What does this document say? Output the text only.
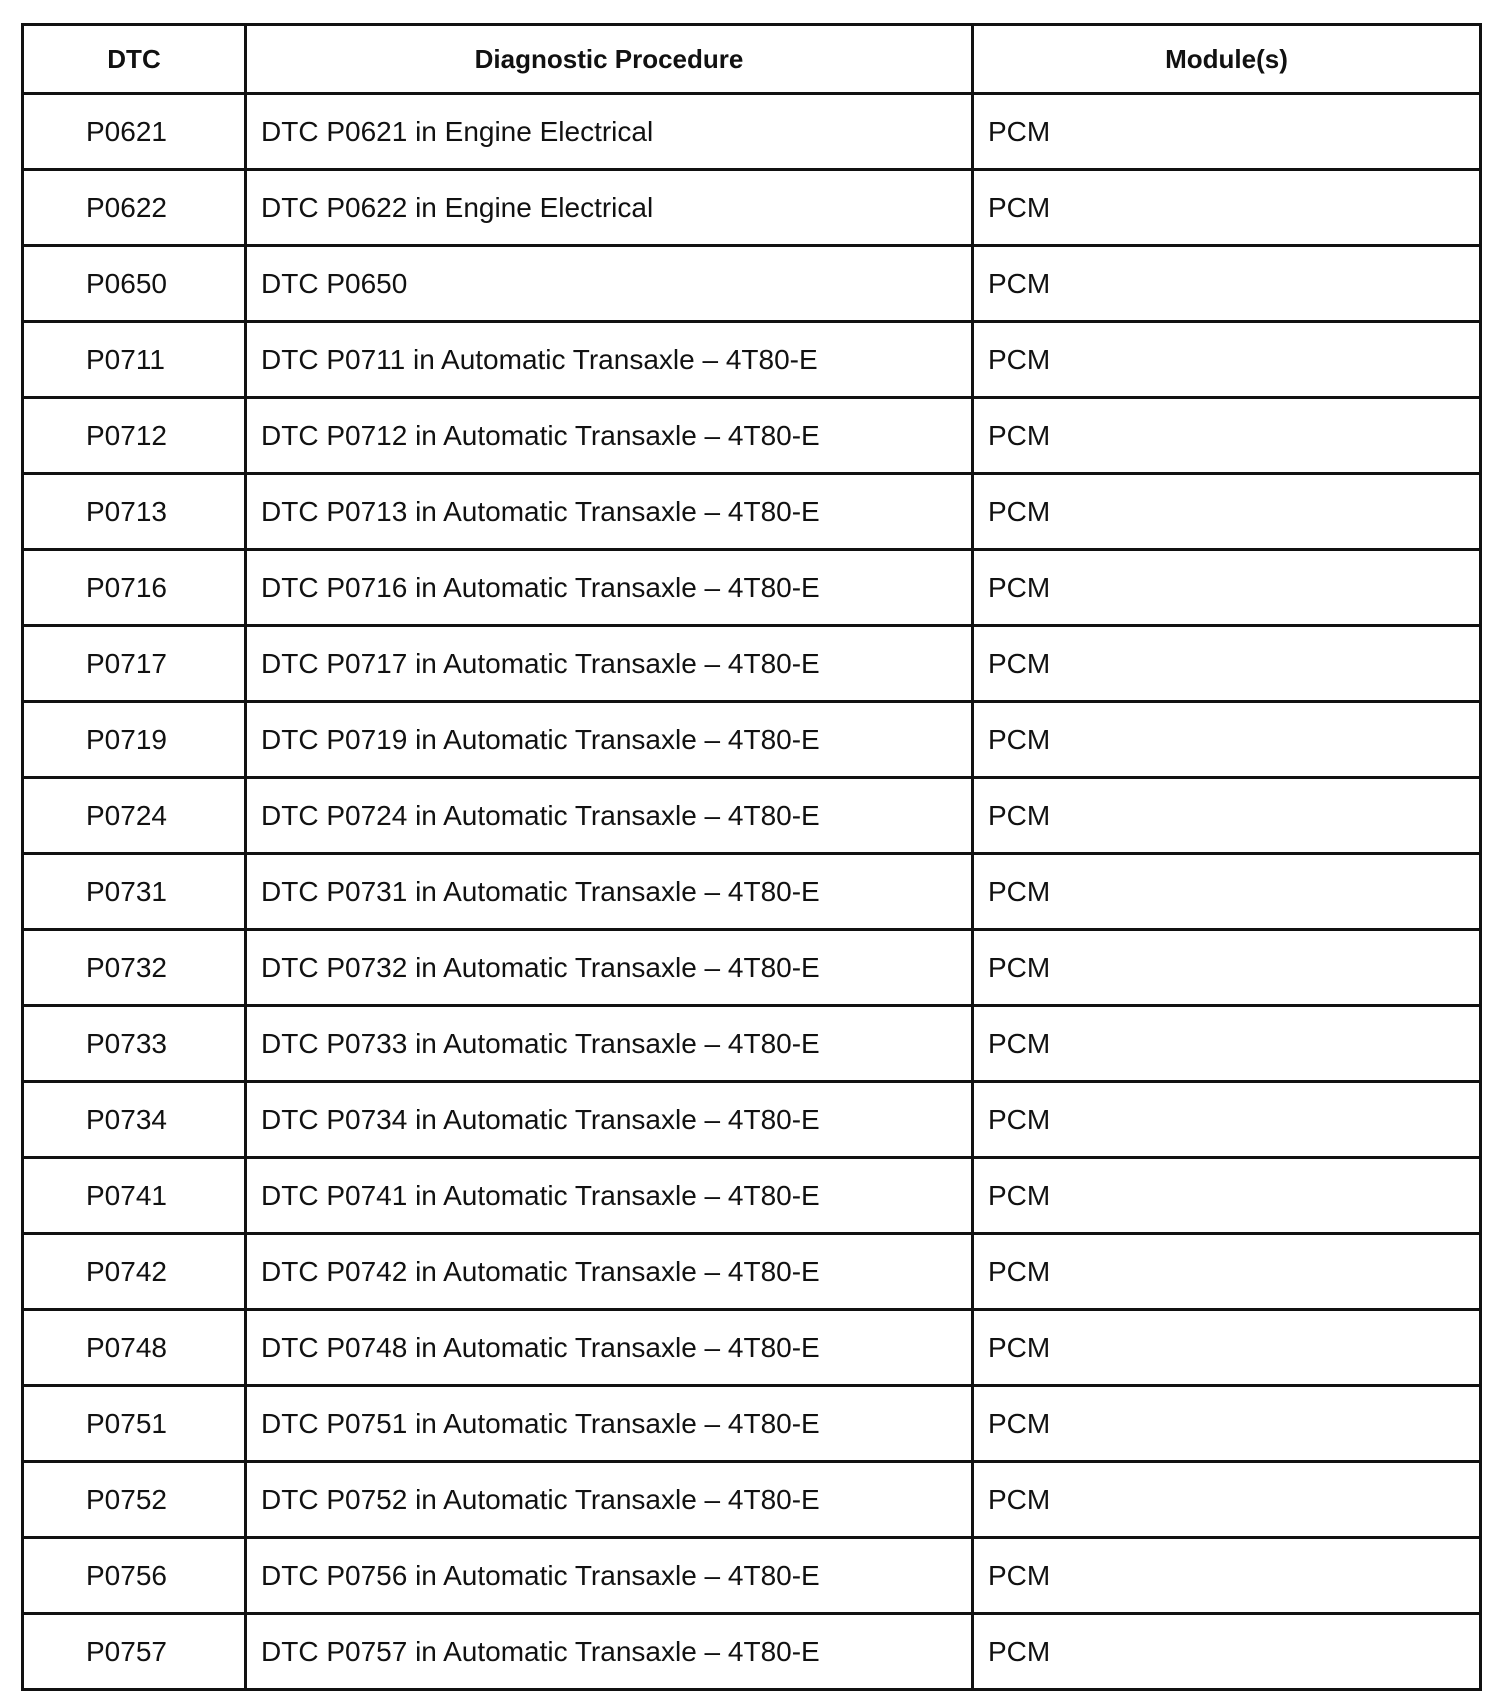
DTC	Diagnostic Procedure	Module(s)
P0621	DTC P0621 in Engine Electrical	PCM
P0622	DTC P0622 in Engine Electrical	PCM
P0650	DTC P0650	PCM
P0711	DTC P0711 in Automatic Transaxle – 4T80-E	PCM
P0712	DTC P0712 in Automatic Transaxle – 4T80-E	PCM
P0713	DTC P0713 in Automatic Transaxle – 4T80-E	PCM
P0716	DTC P0716 in Automatic Transaxle – 4T80-E	PCM
P0717	DTC P0717 in Automatic Transaxle – 4T80-E	PCM
P0719	DTC P0719 in Automatic Transaxle – 4T80-E	PCM
P0724	DTC P0724 in Automatic Transaxle – 4T80-E	PCM
P0731	DTC P0731 in Automatic Transaxle – 4T80-E	PCM
P0732	DTC P0732 in Automatic Transaxle – 4T80-E	PCM
P0733	DTC P0733 in Automatic Transaxle – 4T80-E	PCM
P0734	DTC P0734 in Automatic Transaxle – 4T80-E	PCM
P0741	DTC P0741 in Automatic Transaxle – 4T80-E	PCM
P0742	DTC P0742 in Automatic Transaxle – 4T80-E	PCM
P0748	DTC P0748 in Automatic Transaxle – 4T80-E	PCM
P0751	DTC P0751 in Automatic Transaxle – 4T80-E	PCM
P0752	DTC P0752 in Automatic Transaxle – 4T80-E	PCM
P0756	DTC P0756 in Automatic Transaxle – 4T80-E	PCM
P0757	DTC P0757 in Automatic Transaxle – 4T80-E	PCM
